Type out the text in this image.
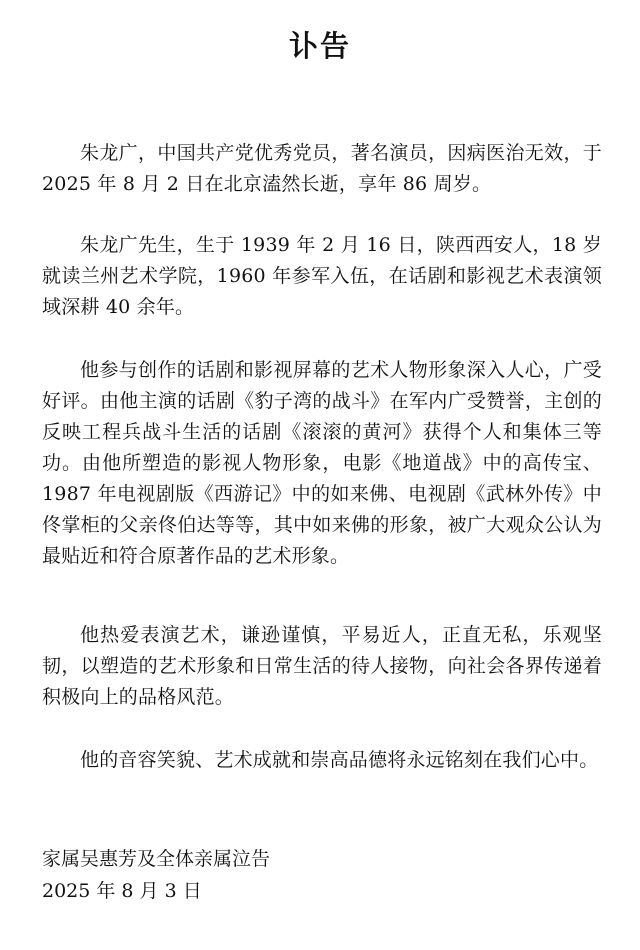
讣告

朱龙广，中国共产党优秀党员，著名演员，因病医治无效，于 2025 年 8 月 2 日在北京溘然长逝，享年 86 周岁。

朱龙广先生，生于 1939 年 2 月 16 日，陕西西安人，18 岁就读兰州艺术学院，1960 年参军入伍，在话剧和影视艺术表演领域深耕 40 余年。

他参与创作的话剧和影视屏幕的艺术人物形象深入人心，广受好评。由他主演的话剧《豹子湾的战斗》在军内广受赞誉，主创的反映工程兵战斗生活的话剧《滚滚的黄河》获得个人和集体三等功。由他所塑造的影视人物形象，电影《地道战》中的高传宝、1987 年电视剧版《西游记》中的如来佛、电视剧《武林外传》中佟掌柜的父亲佟伯达等等，其中如来佛的形象，被广大观众公认为最贴近和符合原著作品的艺术形象。

他热爱表演艺术，谦逊谨慎，平易近人，正直无私，乐观坚韧，以塑造的艺术形象和日常生活的待人接物，向社会各界传递着积极向上的品格风范。

他的音容笑貌、艺术成就和崇高品德将永远铭刻在我们心中。

家属吴惠芳及全体亲属泣告
2025 年 8 月 3 日
